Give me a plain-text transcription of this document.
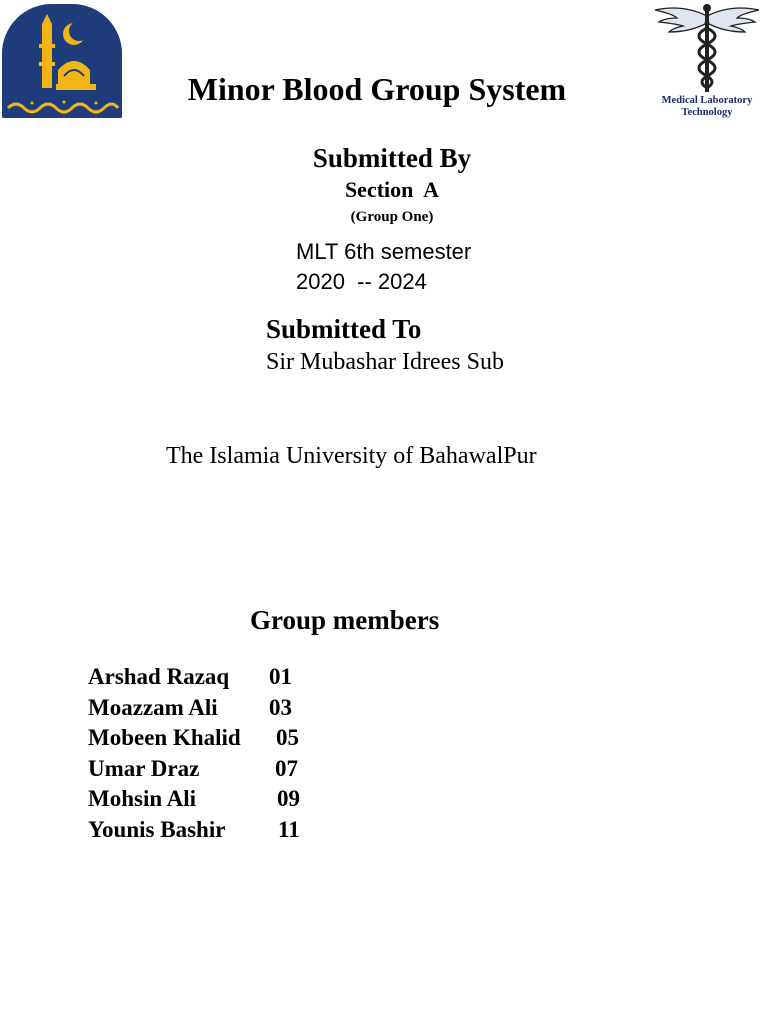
Medical Laboratory
Technology
Minor Blood Group System
Submitted By
Section  A
(Group One)
MLT 6th semester
2020  -- 2024
Submitted To
Sir Mubashar Idrees Sub
The Islamia University of BahawalPur
Group members
Arshad Razaq 01
Moazzam Ali 03
Mobeen Khalid 05
Umar Draz	07
Mohsin Ali	09
Younis Bashir 11
